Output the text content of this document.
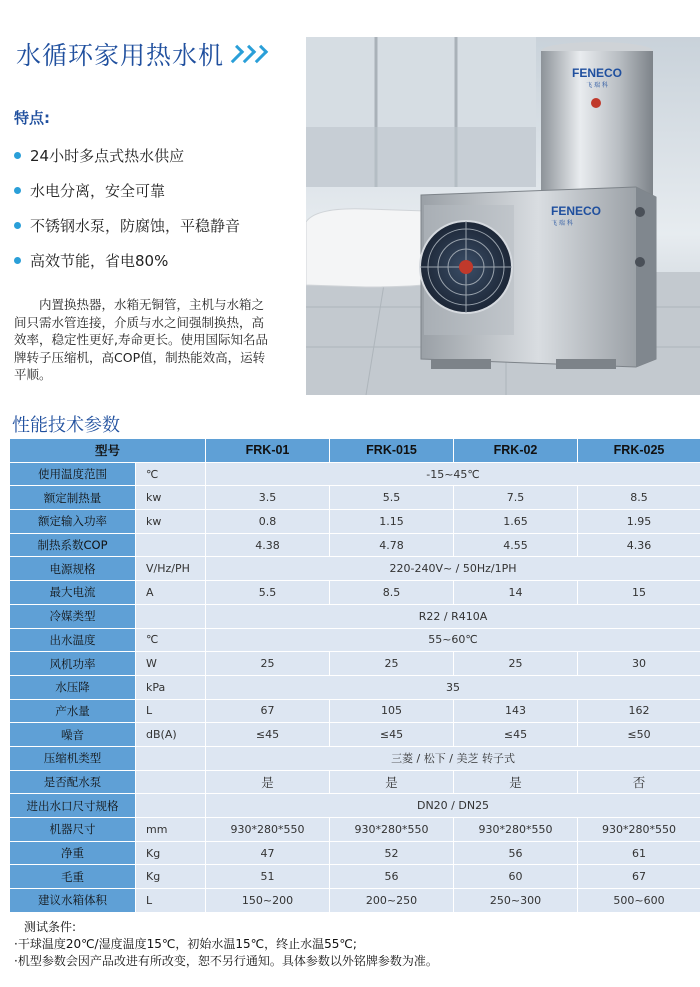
水循环家用热水机
特点:
24小时多点式热水供应
水电分离，安全可靠
不锈钢水泵，防腐蚀，平稳静音
高效节能，省电80%

内置换热器，水箱无铜管，主机与水箱之间只需水管连接，介质与水之间强制换热，高效率，稳定性更好,寿命更长。使用国际知名品牌转子压缩机，高COP值，制热能效高，运转平顺。

FENECO
飞 瑞 科
FENECO
飞 瑞 科
性能技术参数
型号		FRK-01	FRK-015	FRK-02	FRK-025
使用温度范围	℃	-15~45℃			
额定制热量	kw	3.5	5.5	7.5	8.5
额定输入功率	kw	0.8	1.15	1.65	1.95
制热系数COP		4.38	4.78	4.55	4.36
电源规格	V/Hz/PH	220-240V~ / 50Hz/1PH			
最大电流	A	5.5	8.5	14	15
冷媒类型		R22 / R410A			
出水温度	℃	55~60℃			
风机功率	W	25	25	25	30
水压降	kPa	35			
产水量	L	67	105	143	162
噪音	dB(A)	≤45	≤45	≤45	≤50
压缩机类型		三菱 / 松下 / 美芝 转子式			
是否配水泵		是	是	是	否
进出水口尺寸规格		DN20 / DN25			
机器尺寸	mm	930*280*550	930*280*550	930*280*550	930*280*550
净重	Kg	47	52	56	61
毛重	Kg	51	56	60	67
建议水箱体积	L	150~200	200~250	250~300	500~600
测试条件:
·干球温度20℃/湿度温度15℃，初始水温15℃，终止水温55℃;
·机型参数会因产品改进有所改变，恕不另行通知。具体参数以外铭牌参数为准。
